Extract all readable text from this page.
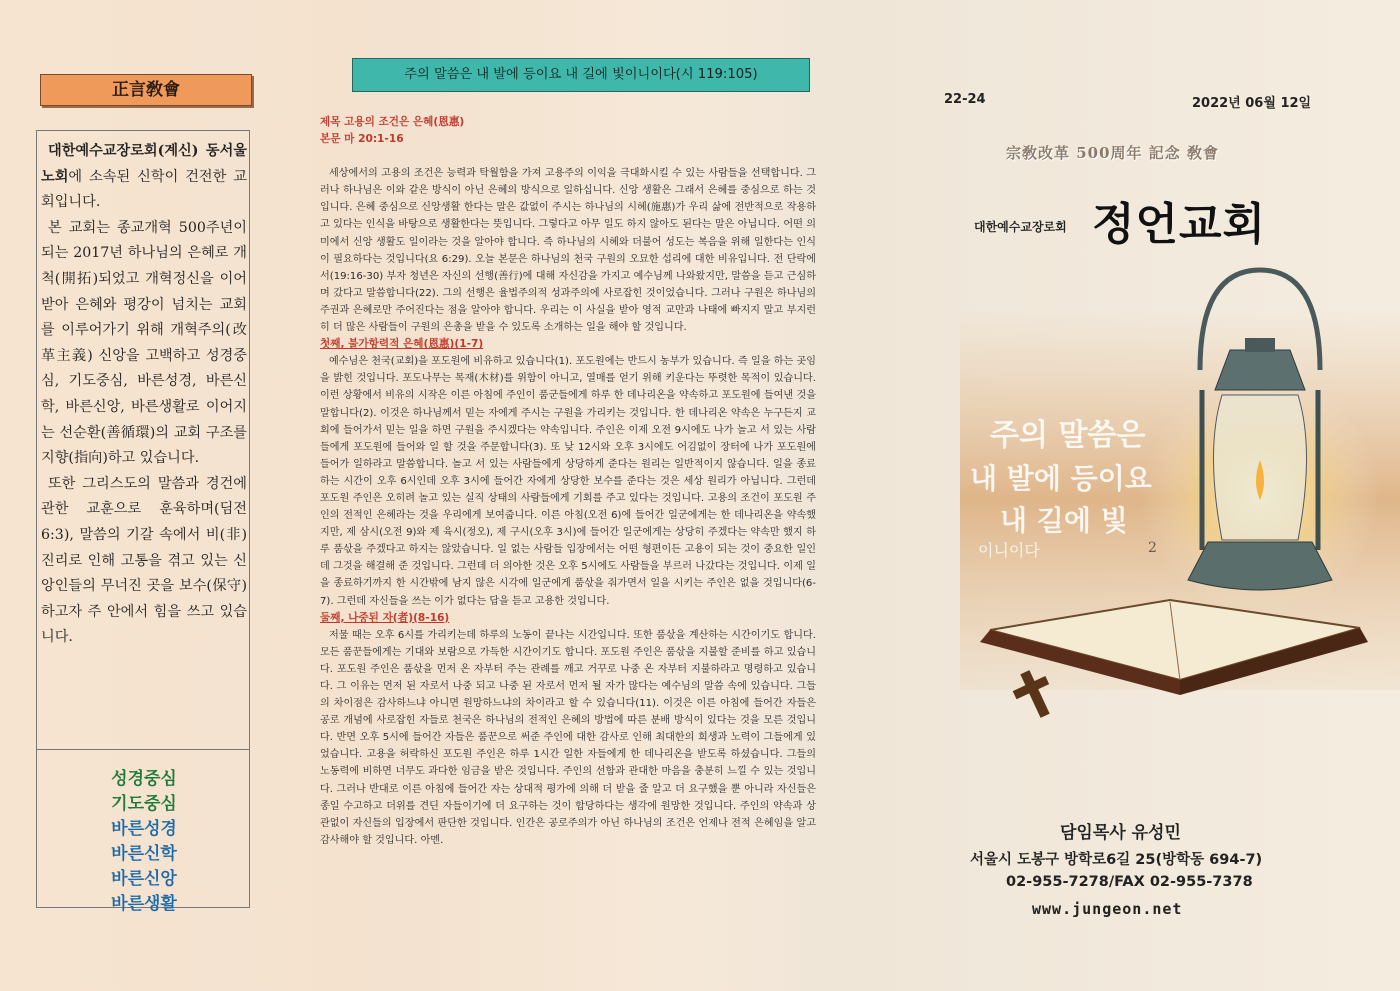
正言敎會

대한예수교장로회(계신) 동서울 노회에 소속된 신학이 건전한 교회입니다.

본 교회는 종교개혁 500주년이 되는 2017년 하나님의 은혜로 개척(開拓)되었고 개혁정신을 이어받아 은혜와 평강이 넘치는 교회를 이루어가기 위해 개혁주의(改革主義) 신앙을 고백하고 성경중심, 기도중심, 바른성경, 바른신학, 바른신앙, 바른생활로 이어지는 선순환(善循環)의 교회 구조를 지향(指向)하고 있습니다.

또한 그리스도의 말씀과 경건에 관한 교훈으로 훈육하며(딤전 6:3), 말씀의 기갈 속에서 비(非) 진리로 인해 고통을 겪고 있는 신앙인들의 무너진 곳을 보수(保守)하고자 주 안에서 힘을 쓰고 있습니다.

성경중심
기도중심
바른성경
바른신학
바른신앙
바른생활
주의 말씀은 내 발에 등이요 내 길에 빛이니이다(시 119:105)
제목 고용의 조건은 은혜(恩惠)
본문 마 20:1-16

세상에서의 고용의 조건은 능력과 탁월함을 가져 고용주의 이익을 극대화시킬 수 있는 사람들을 선택합니다. 그러나 하나님은 이와 같은 방식이 아닌 은혜의 방식으로 일하십니다. 신앙 생활은 그래서 은혜를 중심으로 하는 것입니다. 은혜 중심으로 신앙생활 한다는 말은 값없이 주시는 하나님의 시혜(施惠)가 우리 삶에 전반적으로 작용하고 있다는 인식을 바탕으로 생활한다는 뜻입니다. 그렇다고 아무 일도 하지 않아도 된다는 말은 아닙니다. 어떤 의미에서 신앙 생활도 일이라는 것을 알아야 합니다. 즉 하나님의 시혜와 더불어 성도는 복음을 위해 일한다는 인식이 필요하다는 것입니다(요 6:29). 오늘 본문은 하나님의 천국 구원의 오묘한 섭리에 대한 비유입니다. 전 단락에서(19:16-30) 부자 청년은 자신의 선행(善行)에 대해 자신감을 가지고 예수님께 나와왔지만, 말씀을 듣고 근심하며 갔다고 말씀합니다(22). 그의 선행은 율법주의적 성과주의에 사로잡힌 것이었습니다. 그러나 구원은 하나님의 주권과 은혜로만 주어진다는 점을 알아야 합니다. 우리는 이 사실을 받아 영적 교만과 나태에 빠지지 말고 부지런히 더 많은 사람들이 구원의 은총을 받을 수 있도록 소개하는 일을 해야 할 것입니다.

첫째, 불가항력적 은혜(恩惠)(1-7)

예수님은 천국(교회)을 포도원에 비유하고 있습니다(1). 포도원에는 반드시 농부가 있습니다. 즉 일을 하는 곳임을 밝힌 것입니다. 포도나무는 목재(木材)를 위함이 아니고, 열매를 얻기 위해 키운다는 뚜렷한 목적이 있습니다. 이런 상황에서 비유의 시작은 이른 아침에 주인이 품군들에게 하루 한 데나리온을 약속하고 포도원에 들여낸 것을 말합니다(2). 이것은 하나님께서 믿는 자에게 주시는 구원을 가리키는 것입니다. 한 데나리온 약속은 누구든지 교회에 들어가서 믿는 일을 하면 구원을 주시겠다는 약속입니다. 주인은 이제 오전 9시에도 나가 놀고 서 있는 사람들에게 포도원에 들어와 일 할 것을 주문합니다(3). 또 낮 12시와 오후 3시에도 어김없이 장터에 나가 포도원에 들어가 일하라고 말씀합니다. 놀고 서 있는 사람들에게 상당하게 준다는 원리는 일반적이지 않습니다. 일을 종료하는 시간이 오후 6시인데 오후 3시에 들어간 자에게 상당한 보수를 준다는 것은 세상 원리가 아닙니다. 그런데 포도원 주인은 오히려 놀고 있는 실직 상태의 사람들에게 기회를 주고 있다는 것입니다. 고용의 조건이 포도원 주인의 전적인 은혜라는 것을 우리에게 보여줍니다. 이른 아침(오전 6)에 들어간 일군에게는 한 데나리온을 약속했지만, 제 삼시(오전 9)와 제 육시(정오), 제 구시(오후 3시)에 들어간 일군에게는 상당히 주겠다는 약속만 했지 하루 품삯을 주겠다고 하지는 않았습니다. 일 없는 사람들 입장에서는 어떤 형편이든 고용이 되는 것이 중요한 일인데 그것을 해결해 준 것입니다. 그런데 더 의아한 것은 오후 5시에도 사람들을 부르러 나갔다는 것입니다. 이제 일을 종료하기까지 한 시간밖에 남지 않은 시각에 일군에게 품삯을 줘가면서 일을 시키는 주인은 없을 것입니다(6-7). 그런데 자신들을 쓰는 이가 없다는 답을 듣고 고용한 것입니다.

둘째, 나중된 자(者)(8-16)

저물 때는 오후 6시를 가리키는데 하루의 노동이 끝나는 시간입니다. 또한 품삯을 계산하는 시간이기도 합니다. 모든 품꾼들에게는 기대와 보람으로 가득한 시간이기도 합니다. 포도원 주인은 품삯을 지불할 준비를 하고 있습니다. 포도원 주인은 품삯을 먼저 온 자부터 주는 관례를 깨고 거꾸로 나중 온 자부터 지불하라고 명령하고 있습니다. 그 이유는 먼저 된 자로서 나중 되고 나중 된 자로서 먼저 될 자가 많다는 예수님의 말씀 속에 있습니다. 그들의 차이점은 감사하느냐 아니면 원망하느냐의 차이라고 할 수 있습니다(11). 이것은 이른 아침에 들어간 자들은 공로 개념에 사로잡힌 자들로 천국은 하나님의 전적인 은혜의 방법에 따른 분배 방식이 있다는 것을 모른 것입니다. 반면 오후 5시에 들어간 자들은 품꾼으로 써준 주인에 대한 감사로 인해 최대한의 희생과 노력이 그들에게 있었습니다. 고용을 허락하신 포도원 주인은 하루 1시간 일한 자들에게 한 데나리온을 받도록 하셨습니다. 그들의 노동력에 비하면 너무도 과다한 임금을 받은 것입니다. 주인의 선함과 관대한 마음을 충분히 느낄 수 있는 것입니다. 그러나 반대로 이른 아침에 들어간 자는 상대적 평가에 의해 더 받을 줄 알고 더 요구했을 뿐 아니라 자신들은 종일 수고하고 더위를 견딘 자들이기에 더 요구하는 것이 합당하다는 생각에 원망한 것입니다. 주인의 약속과 상관없이 자신들의 입장에서 판단한 것입니다. 인간은 공로주의가 아닌 하나님의 조건은 언제나 전적 은혜임을 알고 감사해야 할 것입니다. 아멘.

22-24	2022년 06월 12일
宗敎改革 500周年 記念 敎會
대한예수교장로회 정언교회
주의 말씀은
내 발에 등이요
내 길에 빛
이니이다	2
담임목사 유성민
서울시 도봉구 방학로6길 25(방학동 694-7)
02-955-7278/FAX 02-955-7378
www.jungeon.net
